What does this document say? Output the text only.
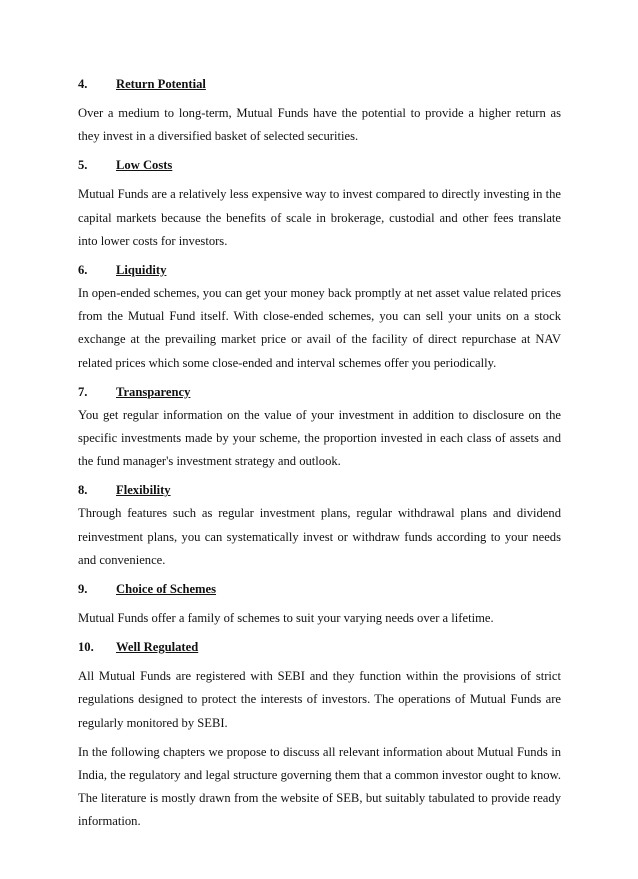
4. Return Potential

Over a medium to long-term, Mutual Funds have the potential to provide a higher return as they invest in a diversified basket of selected securities.

5. Low Costs

Mutual Funds are a relatively less expensive way to invest compared to directly investing in the capital markets because the benefits of scale in brokerage, custodial and other fees translate into lower costs for investors.

6. Liquidity

In open-ended schemes, you can get your money back promptly at net asset value related prices from the Mutual Fund itself. With close-ended schemes, you can sell your units on a stock exchange at the prevailing market price or avail of the facility of direct repurchase at NAV related prices which some close-ended and interval schemes offer you periodically.

7. Transparency

You get regular information on the value of your investment in addition to disclosure on the specific investments made by your scheme, the proportion invested in each class of assets and the fund manager's investment strategy and outlook.

8. Flexibility

Through features such as regular investment plans, regular withdrawal plans and dividend reinvestment plans, you can systematically invest or withdraw funds according to your needs and convenience.

9. Choice of Schemes

Mutual Funds offer a family of schemes to suit your varying needs over a lifetime.

10. Well Regulated

All Mutual Funds are registered with SEBI and they function within the provisions of strict regulations designed to protect the interests of investors. The operations of Mutual Funds are regularly monitored by SEBI.

In the following chapters we propose to discuss all relevant information about Mutual Funds in India, the regulatory and legal structure governing them that a common investor ought to know. The literature is mostly drawn from the website of SEB, but suitably tabulated to provide ready information.
